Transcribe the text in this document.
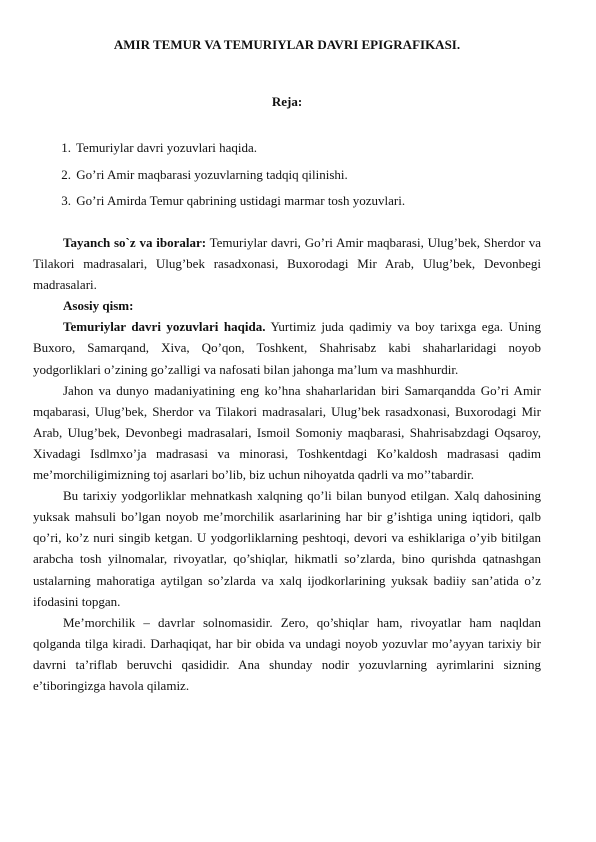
AMIR TEMUR VA TEMURIYLAR DAVRI EPIGRAFIKASI.
Reja:
1. Temuriylar davri yozuvlari haqida.
2. Go’ri Amir maqbarasi yozuvlarning tadqiq qilinishi.
3. Go’ri Amirda Temur qabrining ustidagi marmar tosh yozuvlari.

Tayanch so`z va iboralar: Temuriylar davri, Go’ri Amir maqbarasi, Ulug’bek, Sherdor va Tilakori madrasalari, Ulug’bek rasadxonasi, Buxorodagi Mir Arab, Ulug’bek, Devonbegi madrasalari.

Asosiy qism:

Temuriylar davri yozuvlari haqida. Yurtimiz juda qadimiy va boy tarixga ega. Uning Buxoro, Samarqand, Xiva, Qo’qon, Toshkent, Shahrisabz kabi shaharlaridagi noyob yodgorliklari o’zining go’zalligi va nafosati bilan jahonga ma’lum va mashhurdir.

Jahon va dunyo madaniyatining eng ko’hna shaharlaridan biri Samarqandda Go’ri Amir mqabarasi, Ulug’bek, Sherdor va Tilakori madrasalari, Ulug’bek rasadxonasi, Buxorodagi Mir Arab, Ulug’bek, Devonbegi madrasalari, Ismoil Somoniy maqbarasi, Shahrisabzdagi Oqsaroy, Xivadagi Isdlmxo’ja madrasasi va minorasi, Toshkentdagi Ko’kaldosh madrasasi qadim me’morchiligimizning toj asarlari bo’lib, biz uchun nihoyatda qadrli va mo’’tabardir.

Bu tarixiy yodgorliklar mehnatkash xalqning qo’li bilan bunyod etilgan. Xalq dahosining yuksak mahsuli bo’lgan noyob me’morchilik asarlarining har bir g’ishtiga uning iqtidori, qalb qo’ri, ko’z nuri singib ketgan. U yodgorliklarning peshtoqi, devori va eshiklariga o’yib bitilgan arabcha tosh yilnomalar, rivoyatlar, qo’shiqlar, hikmatli so’zlarda, bino qurishda qatnashgan ustalarning mahoratiga aytilgan so’zlarda va xalq ijodkorlarining yuksak badiiy san’atida o’z ifodasini topgan.

Me’morchilik – davrlar solnomasidir. Zero, qo’shiqlar ham, rivoyatlar ham naqldan qolganda tilga kiradi. Darhaqiqat, har bir obida va undagi noyob yozuvlar mo’ayyan tarixiy bir davrni ta’riflab beruvchi qasididir. Ana shunday nodir yozuvlarning ayrimlarini sizning e’tiboringizga havola qilamiz.
